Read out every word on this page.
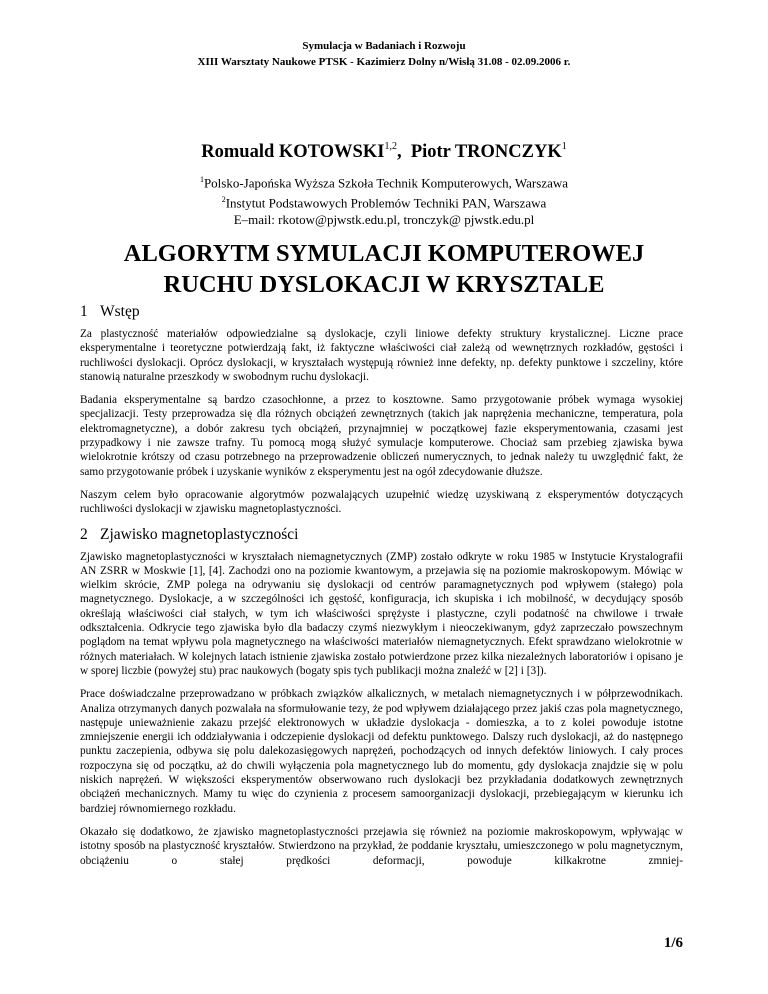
Symulacja w Badaniach i Rozwoju
XIII Warsztaty Naukowe PTSK - Kazimierz Dolny n/Wisłą 31.08 - 02.09.2006 r.
Romuald KOTOWSKI$^{1,2}$,  Piotr TRONCZYK$^1$
$^1$Polsko-Japońska Wyższa Szkoła Technik Komputerowych, Warszawa
$^2$Instytut Podstawowych Problemów Techniki PAN, Warszawa
E–mail: rkotow@pjwstk.edu.pl, tronczyk@ pjwstk.edu.pl
ALGORYTM SYMULACJI KOMPUTEROWEJ
RUCHU DYSLOKACJI W KRYSZTALE
1 Wstęp

Za plastyczność materiałów odpowiedzialne są dyslokacje, czyli liniowe defekty struktury krystalicznej. Liczne prace eksperymentalne i teoretyczne potwierdzają fakt, iż faktyczne właściwości ciał zależą od wewnętrznych rozkładów, gęstości i ruchliwości dyslokacji. Oprócz dyslokacji, w kryształach występują również inne defekty, np. defekty punktowe i szczeliny, które stanowią naturalne przeszkody w swobodnym ruchu dyslokacji.

Badania eksperymentalne są bardzo czasochłonne, a przez to kosztowne. Samo przygotowanie próbek wymaga wysokiej specjalizacji. Testy przeprowadza się dla różnych obciążeń zewnętrznych (takich jak naprężenia mechaniczne, temperatura, pola elektromagnetyczne), a dobór zakresu tych obciążeń, przynajmniej w początkowej fazie eksperymentowania, czasami jest przypadkowy i nie zawsze trafny. Tu pomocą mogą służyć symulacje komputerowe. Chociaż sam przebieg zjawiska bywa wielokrotnie krótszy od czasu potrzebnego na przeprowadzenie obliczeń numerycznych, to jednak należy tu uwzględnić fakt, że samo przygotowanie próbek i uzyskanie wyników z eksperymentu jest na ogół zdecydowanie dłuższe.

Naszym celem było opracowanie algorytmów pozwalających uzupełnić wiedzę uzyskiwaną z eksperymentów dotyczących ruchliwości dyslokacji w zjawisku magnetoplastyczności.

2 Zjawisko magnetoplastyczności

Zjawisko magnetoplastyczności w kryształach niemagnetycznych (ZMP) zostało odkryte w roku 1985 w Instytucie Krystalografii AN ZSRR w Moskwie [1], [4]. Zachodzi ono na poziomie kwantowym, a przejawia się na poziomie makroskopowym. Mówiąc w wielkim skrócie, ZMP polega na odrywaniu się dyslokacji od centrów paramagnetycznych pod wpływem (stałego) pola magnetycznego. Dyslokacje, a w szczególności ich gęstość, konfiguracja, ich skupiska i ich mobilność, w decydujący sposób określają właściwości ciał stałych, w tym ich właściwości sprężyste i plastyczne, czyli podatność na chwilowe i trwałe odkształcenia. Odkrycie tego zjawiska było dla badaczy czymś niezwykłym i nieoczekiwanym, gdyż zaprzeczało powszechnym poglądom na temat wpływu pola magnetycznego na właściwości materiałów niemagnetycznych. Efekt sprawdzano wielokrotnie w różnych materiałach. W kolejnych latach istnienie zjawiska zostało potwierdzone przez kilka niezależnych laboratoriów i opisano je w sporej liczbie (powyżej stu) prac naukowych (bogaty spis tych publikacji można znaleźć w [2] i [3]).

Prace doświadczalne przeprowadzano w próbkach związków alkalicznych, w metalach niemagnetycznych i w półprzewodnikach. Analiza otrzymanych danych pozwalała na sformułowanie tezy, że pod wpływem działającego przez jakiś czas pola magnetycznego, następuje unieważnienie zakazu przejść elektronowych w układzie dyslokacja - domieszka, a to z kolei powoduje istotne zmniejszenie energii ich oddziaływania i odczepienie dyslokacji od defektu punktowego. Dalszy ruch dyslokacji, aż do następnego punktu zaczepienia, odbywa się polu dalekozasięgowych naprężeń, pochodzących od innych defektów liniowych. I cały proces rozpoczyna się od początku, aż do chwili wyłączenia pola magnetycznego lub do momentu, gdy dyslokacja znajdzie się w polu niskich naprężeń. W większości eksperymentów obserwowano ruch dyslokacji bez przykładania dodatkowych zewnętrznych obciążeń mechanicznych. Mamy tu więc do czynienia z procesem samoorganizacji dyslokacji, przebiegającym w kierunku ich bardziej równomiernego rozkładu.

Okazało się dodatkowo, że zjawisko magnetoplastyczności przejawia się również na poziomie makroskopowym, wpływając w istotny sposób na plastyczność kryształów. Stwierdzono na przykład, że poddanie kryształu, umieszczonego w polu magnetycznym, obciążeniu o stałej prędkości deformacji, powoduje kilkakrotne zmniej-

1/6
